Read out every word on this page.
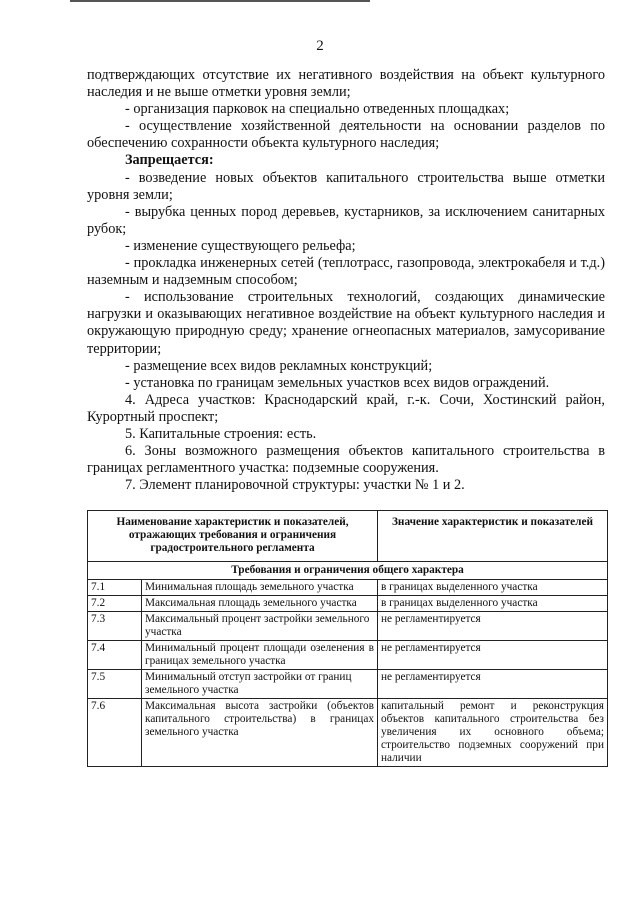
2

подтверждающих отсутствие их негативного воздействия на объект культурного наследия и не выше отметки уровня земли;

- организация парковок на специально отведенных площадках;

- осуществление хозяйственной деятельности на основании разделов по обеспечению сохранности объекта культурного наследия;

Запрещается:

- возведение новых объектов капитального строительства выше отметки уровня земли;

- вырубка ценных пород деревьев, кустарников, за исключением санитарных рубок;

- изменение существующего рельефа;

- прокладка инженерных сетей (теплотрасс, газопровода, электрокабеля и т.д.) наземным и надземным способом;

- использование строительных технологий, создающих динамические нагрузки и оказывающих негативное воздействие на объект культурного наследия и окружающую природную среду; хранение огнеопасных материалов, замусоривание территории;

- размещение всех видов рекламных конструкций;

- установка по границам земельных участков всех видов ограждений.

4. Адреса участков: Краснодарский край, г.-к. Сочи, Хостинский район, Курортный проспект;

5. Капитальные строения: есть.

6. Зоны возможного размещения объектов капитального строительства в границах регламентного участка: подземные сооружения.

7. Элемент планировочной структуры: участки № 1 и 2.

Наименование характеристик и показателей, отражающих требования и ограничения градостроительного регламента		Значение характеристик и показателей
Требования и ограничения общего характера		
7.1	Минимальная площадь земельного участка	в границах выделенного участка
7.2	Максимальная площадь земельного участка	в границах выделенного участка
7.3	Максимальный процент застройки земельного участка	не регламентируется
7.4	Минимальный процент площади озеленения в границах земельного участка	не регламентируется
7.5	Минимальный отступ застройки от границ земельного участка	не регламентируется
7.6	Максимальная высота застройки (объектов капитального строительства) в границах земельного участка	капитальный ремонт и реконструкция объектов капитального строительства без увеличения их основного объема; строительство подземных сооружений при наличии
